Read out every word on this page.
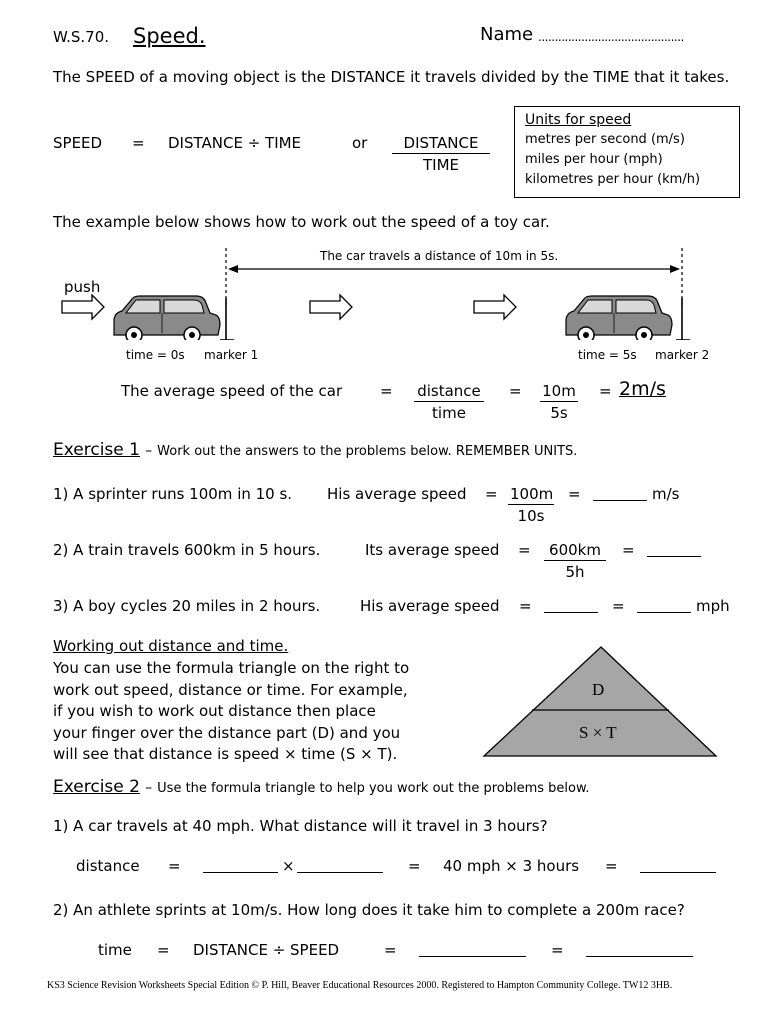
W.S.70. Speed.	Name ............................................
The SPEED of a moving object is the DISTANCE it travels divided by the TIME that it takes.
SPEED = DISTANCE ÷ TIME	or	DISTANCE
TIME
Units for speed
metres per second (m/s)
miles per hour (mph)
kilometres per hour (km/h)
The example below shows how to work out the speed of a toy car.
The car travels a distance of 10m in 5s.
push
time = 0s marker 1	time = 5s marker 2
The average speed of the car	= distance
time
= $\frac{10m}{5s} = 2m/s$
Exercise 1 – Work out the answers to the problems below. REMEMBER UNITS.
1) A sprinter runs 100m in 10 s. His average speed = $\frac{100m}{10s}$ =	m/s
2) A train travels 600km in 5 hours.	Its average speed = $\frac{600km}{5h}$ =
3) A boy cycles 20 miles in 2 hours.	His average speed =	=	mph
Working out distance and time.
You can use the formula triangle on the right to
work out speed, distance or time. For example,
if you wish to work out distance then place
your finger over the distance part (D) and you
will see that distance is speed × time (S × T).
D
S × T
Exercise 2 – Use the formula triangle to help you work out the problems below.
1) A car travels at 40 mph. What distance will it travel in 3 hours?
distance =	×	= 40 mph × 3 hours =
2) An athlete sprints at 10m/s. How long does it take him to complete a 200m race?
time = DISTANCE ÷ SPEED	=	=
KS3 Science Revision Worksheets Special Edition © P. Hill, Beaver Educational Resources 2000. Registered to Hampton Community College. TW12 3HB.
